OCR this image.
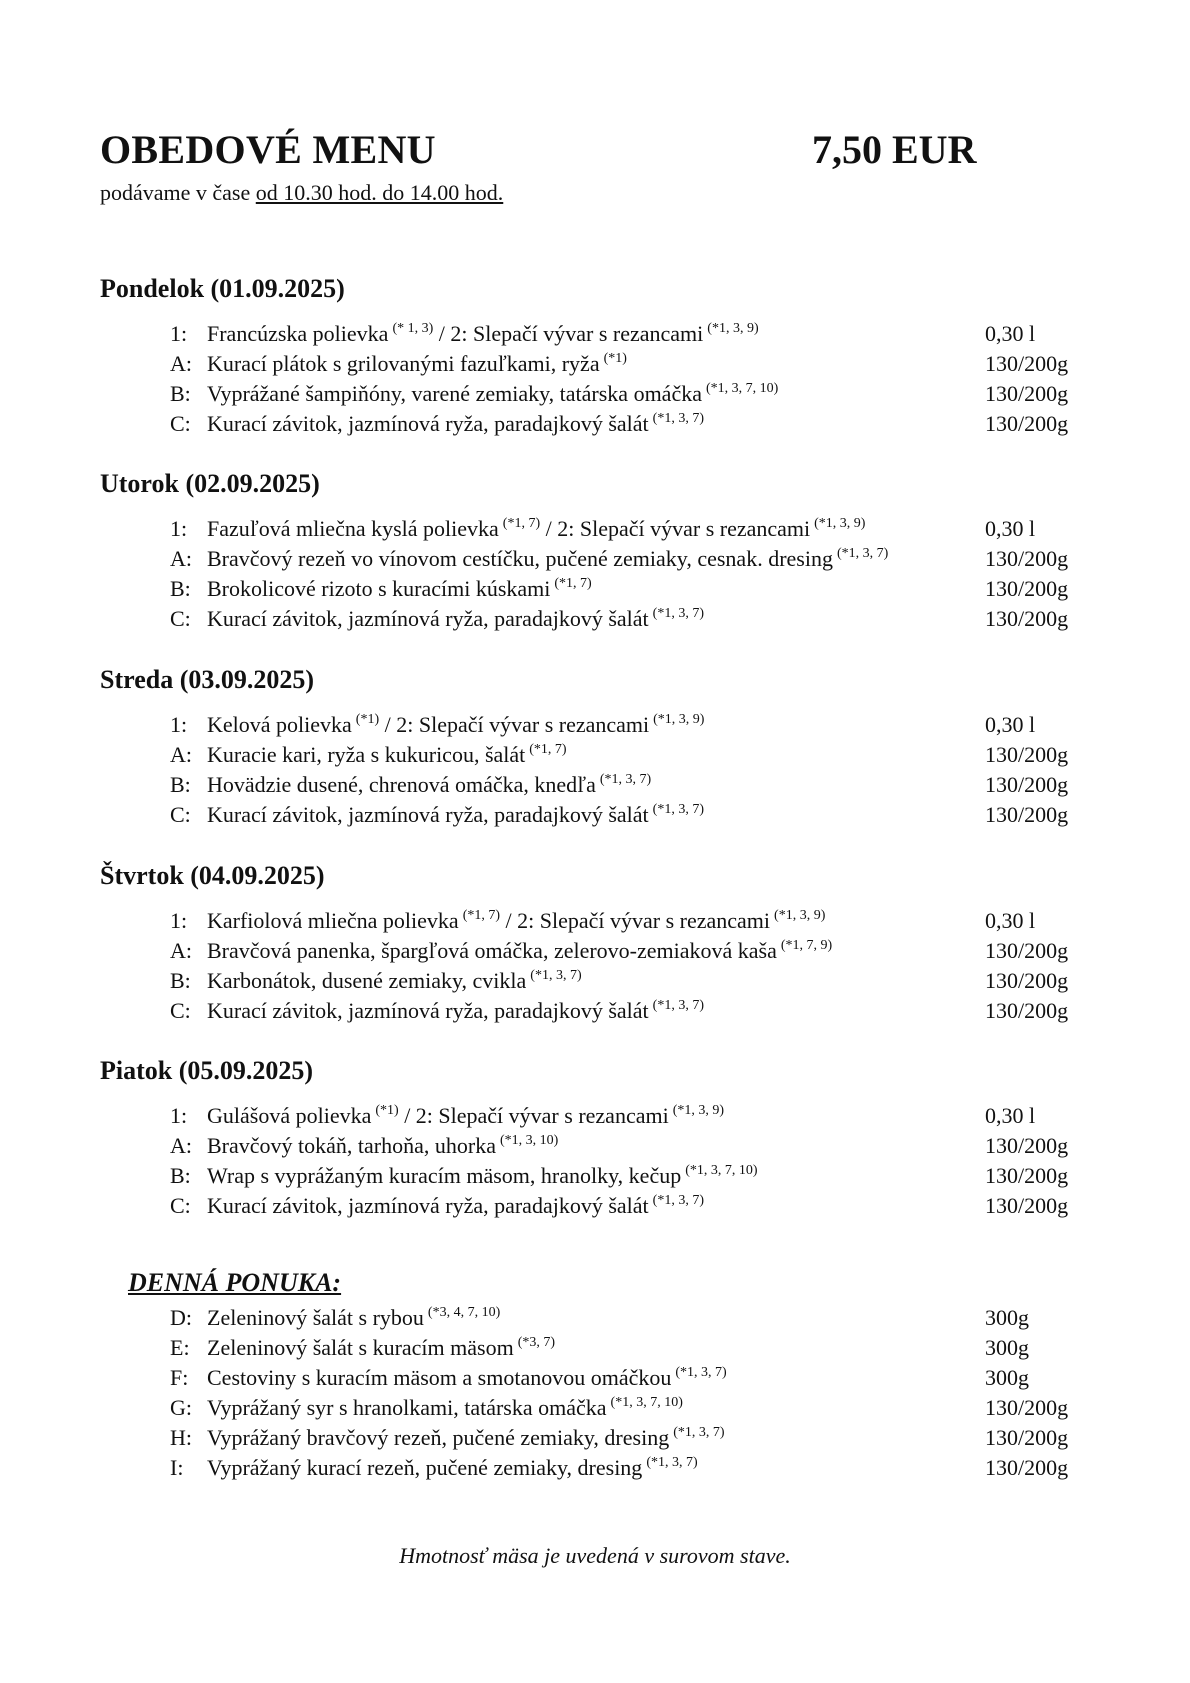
OBEDOVÉ MENU	7,50 EUR
podávame v čase od 10.30 hod. do 14.00 hod.
Pondelok (01.09.2025)
1: Francúzska polievka $^{(* 1, 3)}$ / 2: Slepačí vývar s rezancami $^{(*1, 3, 9)}$	0,30 l
A: Kurací plátok s grilovanými fazuľkami, ryža $^{(*1)}$	130/200g
B: Vyprážané šampiňóny, varené zemiaky, tatárska omáčka $^{(*1, 3, 7, 10)}$	130/200g
C: Kurací závitok, jazmínová ryža, paradajkový šalát $^{(*1, 3, 7)}$	130/200g
Utorok (02.09.2025)
1: Fazuľová mliečna kyslá polievka $^{(*1, 7)}$ / 2: Slepačí vývar s rezancami $^{(*1, 3, 9)}$	0,30 l
A: Bravčový rezeň vo vínovom cestíčku, pučené zemiaky, cesnak. dresing $^{(*1, 3, 7)}$	130/200g
B: Brokolicové rizoto s kuracími kúskami $^{(*1, 7)}$	130/200g
C: Kurací závitok, jazmínová ryža, paradajkový šalát $^{(*1, 3, 7)}$	130/200g
Streda (03.09.2025)
1: Kelová polievka $^{(*1)}$ / 2: Slepačí vývar s rezancami $^{(*1, 3, 9)}$	0,30 l
A: Kuracie kari, ryža s kukuricou, šalát $^{(*1, 7)}$	130/200g
B: Hovädzie dusené, chrenová omáčka, knedľa $^{(*1, 3, 7)}$	130/200g
C: Kurací závitok, jazmínová ryža, paradajkový šalát $^{(*1, 3, 7)}$	130/200g
Štvrtok (04.09.2025)
1: Karfiolová mliečna polievka $^{(*1, 7)}$ / 2: Slepačí vývar s rezancami $^{(*1, 3, 9)}$	0,30 l
A: Bravčová panenka, špargľová omáčka, zelerovo-zemiaková kaša $^{(*1, 7, 9)}$	130/200g
B: Karbonátok, dusené zemiaky, cvikla $^{(*1, 3, 7)}$	130/200g
C: Kurací závitok, jazmínová ryža, paradajkový šalát $^{(*1, 3, 7)}$	130/200g
Piatok (05.09.2025)
1: Gulášová polievka $^{(*1)}$ / 2: Slepačí vývar s rezancami $^{(*1, 3, 9)}$	0,30 l
A: Bravčový tokáň, tarhoňa, uhorka $^{(*1, 3, 10)}$	130/200g
B: Wrap s vyprážaným kuracím mäsom, hranolky, kečup $^{(*1, 3, 7, 10)}$	130/200g
C: Kurací závitok, jazmínová ryža, paradajkový šalát $^{(*1, 3, 7)}$	130/200g
DENNÁ PONUKA:
D: Zeleninový šalát s rybou $^{(*3, 4, 7, 10)}$	300g
E: Zeleninový šalát s kuracím mäsom $^{(*3, 7)}$	300g
F: Cestoviny s kuracím mäsom a smotanovou omáčkou $^{(*1, 3, 7)}$	300g
G: Vyprážaný syr s hranolkami, tatárska omáčka $^{(*1, 3, 7, 10)}$	130/200g
H: Vyprážaný bravčový rezeň, pučené zemiaky, dresing $^{(*1, 3, 7)}$	130/200g
I: Vyprážaný kurací rezeň, pučené zemiaky, dresing $^{(*1, 3, 7)}$	130/200g
Hmotnosť mäsa je uvedená v surovom stave.
